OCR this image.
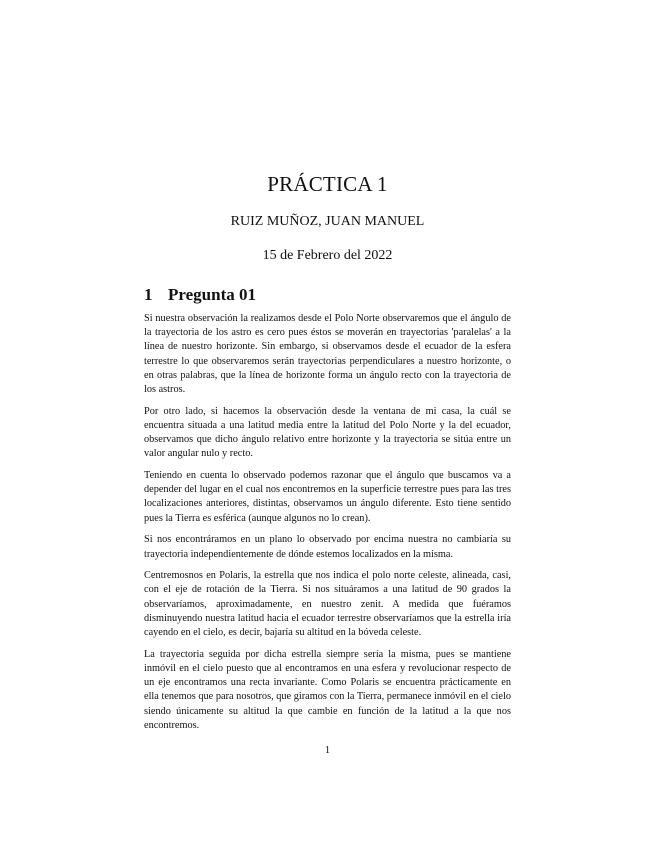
PRÁCTICA 1
RUIZ MUÑOZ, JUAN MANUEL
15 de Febrero del 2022
1 Pregunta 01

Si nuestra observación la realizamos desde el Polo Norte observaremos que el ángulo de la trayectoria de los astro es cero pues éstos se moverán en trayectorias 'paralelas' a la línea de nuestro horizonte. Sin embargo, si observamos desde el ecuador de la esfera terrestre lo que observaremos serán trayectorias perpendiculares a nuestro horizonte, o en otras palabras, que la línea de horizonte forma un ángulo recto con la trayectoria de los astros.

Por otro lado, si hacemos la observación desde la ventana de mi casa, la cuál se encuentra situada a una latitud media entre la latitud del Polo Norte y la del ecuador, observamos que dicho ángulo relativo entre horizonte y la trayectoria se sitúa entre un valor angular nulo y recto.

Teniendo en cuenta lo observado podemos razonar que el ángulo que buscamos va a depender del lugar en el cual nos encontremos en la superficie terrestre pues para las tres localizaciones anteriores, distintas, observamos un ángulo diferente. Esto tiene sentido pues la Tierra es esférica (aunque algunos no lo crean).

Si nos encontráramos en un plano lo observado por encima nuestra no cambiaría su trayectoria independientemente de dónde estemos localizados en la misma.

Centremosnos en Polaris, la estrella que nos indica el polo norte celeste, alineada, casi, con el eje de rotación de la Tierra. Si nos situáramos a una latitud de 90 grados la observaríamos, aproximadamente, en nuestro zenit. A medida que fuéramos disminuyendo nuestra latitud hacia el ecuador terrestre observaríamos que la estrella iría cayendo en el cielo, es decir, bajaría su altitud en la bóveda celeste.

La trayectoria seguida por dicha estrella siempre sería la misma, pues se mantiene inmóvil en el cielo puesto que al encontramos en una esfera y revolucionar respecto de un eje encontramos una recta invariante. Como Polaris se encuentra prácticamente en ella tenemos que para nosotros, que giramos con la Tierra, permanece inmóvil en el cielo siendo únicamente su altitud la que cambie en función de la latitud a la que nos encontremos.

1
